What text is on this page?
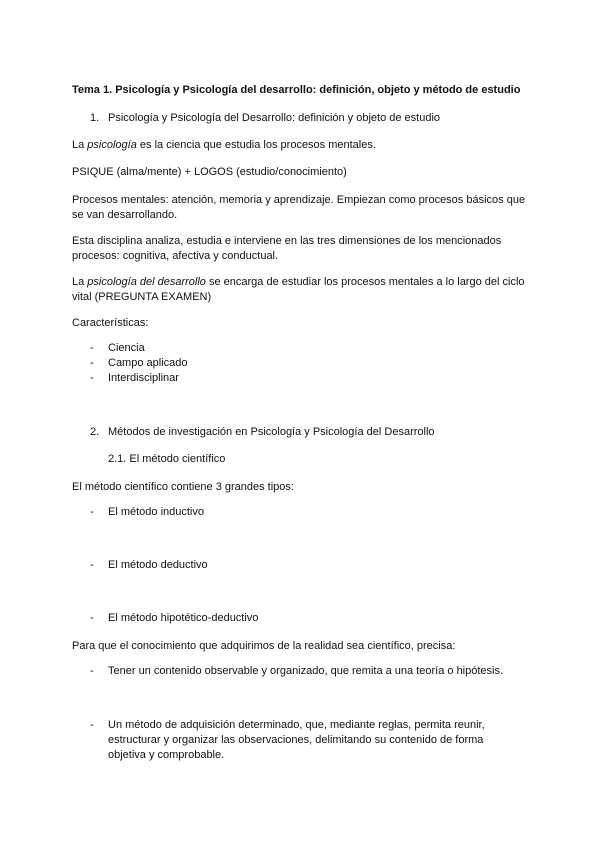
Tema 1. Psicología y Psicología del desarrollo: definición, objeto y método de estudio

1. Psicología y Psicología del Desarrollo: definición y objeto de estudio

La psicología es la ciencia que estudia los procesos mentales.

PSIQUE (alma/mente) + LOGOS (estudio/conocimiento)

Procesos mentales: atención, memoria y aprendizaje. Empiezan como procesos básicos que se van desarrollando.

Esta disciplina analiza, estudia e interviene en las tres dimensiones de los mencionados procesos: cognitiva, afectiva y conductual.

La psicología del desarrollo se encarga de estudiar los procesos mentales a lo largo del ciclo vital (PREGUNTA EXAMEN)

Características:

- Ciencia
- Campo aplicado
- Interdisciplinar

2. Métodos de investigación en Psicología y Psicología del Desarrollo

2.1. El método científico

El método científico contiene 3 grandes tipos:

- El método inductivo
- El método deductivo
- El método hipotético-deductivo

Para que el conocimiento que adquirimos de la realidad sea científico, precisa:

- Tener un contenido observable y organizado, que remita a una teoría o hipótesis.
- Un método de adquisición determinado, que, mediante reglas, permita reunir, estructurar y organizar las observaciones, delimitando su contenido de forma objetiva y comprobable.
